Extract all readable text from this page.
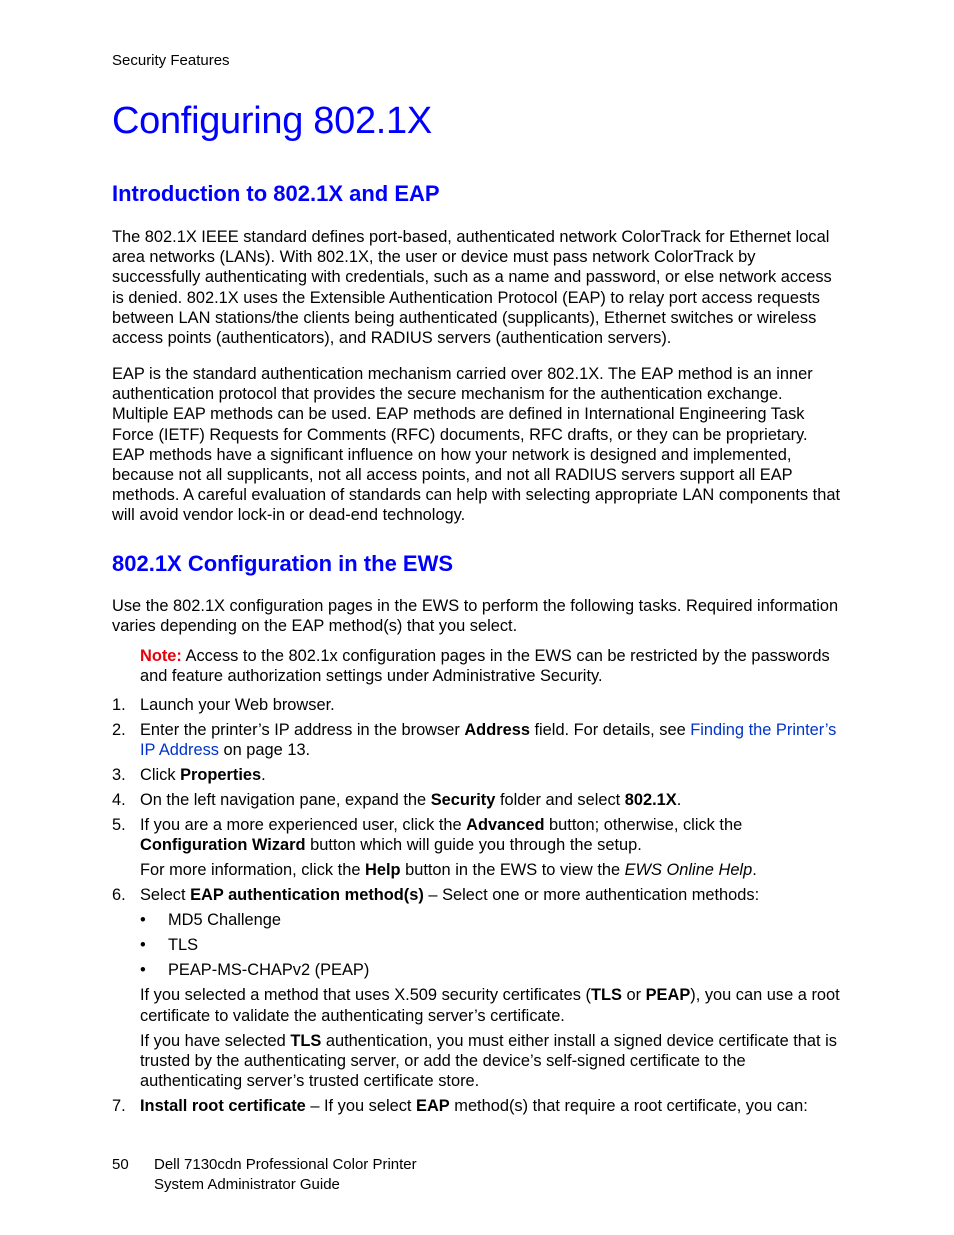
Security Features
Configuring 802.1X
Introduction to 802.1X and EAP

The 802.1X IEEE standard defines port-based, authenticated network ColorTrack for Ethernet local area networks (LANs). With 802.1X, the user or device must pass network ColorTrack by successfully authenticating with credentials, such as a name and password, or else network access is denied. 802.1X uses the Extensible Authentication Protocol (EAP) to relay port access requests between LAN stations/the clients being authenticated (supplicants), Ethernet switches or wireless access points (authenticators), and RADIUS servers (authentication servers).

EAP is the standard authentication mechanism carried over 802.1X. The EAP method is an inner authentication protocol that provides the secure mechanism for the authentication exchange. Multiple EAP methods can be used. EAP methods are defined in International Engineering Task Force (IETF) Requests for Comments (RFC) documents, RFC drafts, or they can be proprietary. EAP methods have a significant influence on how your network is designed and implemented, because not all supplicants, not all access points, and not all RADIUS servers support all EAP methods. A careful evaluation of standards can help with selecting appropriate LAN components that will avoid vendor lock-in or dead-end technology.

802.1X Configuration in the EWS

Use the 802.1X configuration pages in the EWS to perform the following tasks. Required information varies depending on the EAP method(s) that you select.

Note: Access to the 802.1x configuration pages in the EWS can be restricted by the passwords and feature authorization settings under Administrative Security.

1. Launch your Web browser.
2. Enter the printer’s IP address in the browser Address field. For details, see Finding the Printer’s IP Address on page 13.
3. Click Properties.
4. On the left navigation pane, expand the Security folder and select 802.1X.
5. If you are a more experienced user, click the Advanced button; otherwise, click the Configuration Wizard button which will guide you through the setup.
For more information, click the Help button in the EWS to view the EWS Online Help.
6. Select EAP authentication method(s) – Select one or more authentication methods:
•	MD5 Challenge
•	TLS
•	PEAP-MS-CHAPv2 (PEAP)
If you selected a method that uses X.509 security certificates (TLS or PEAP), you can use a root certificate to validate the authenticating server’s certificate.
If you have selected TLS authentication, you must either install a signed device certificate that is trusted by the authenticating server, or add the device’s self-signed certificate to the authenticating server’s trusted certificate store.
7. Install root certificate – If you select EAP method(s) that require a root certificate, you can:
50	Dell 7130cdn Professional Color Printer
System Administrator Guide
